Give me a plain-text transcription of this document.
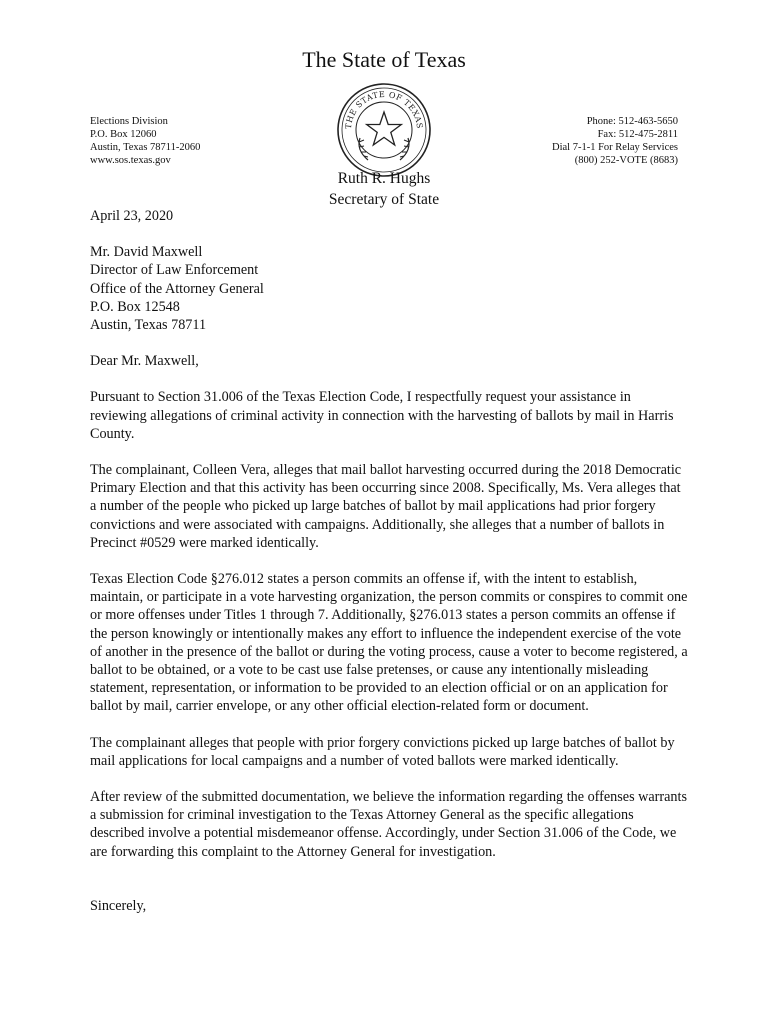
The State of Texas
Elections Division
P.O. Box 12060
Austin, Texas 78711-2060
www.sos.texas.gov
THE STATE OF TEXAS	Phone: 512-463-5650
Fax: 512-475-2811
Dial 7-1-1 For Relay Services
(800) 252-VOTE (8683)
Ruth R. Hughs
Secretary of State

April 23, 2020

Mr. David Maxwell

Director of Law Enforcement

Office of the Attorney General

P.O. Box 12548

Austin, Texas 78711

Dear Mr. Maxwell,

Pursuant to Section 31.006 of the Texas Election Code, I respectfully request your assistance in reviewing allegations of criminal activity in connection with the harvesting of ballots by mail in Harris County.

The complainant, Colleen Vera, alleges that mail ballot harvesting occurred during the 2018 Democratic Primary Election and that this activity has been occurring since 2008. Specifically, Ms. Vera alleges that a number of the people who picked up large batches of ballot by mail applications had prior forgery convictions and were associated with campaigns. Additionally, she alleges that a number of ballots in Precinct #0529 were marked identically.

Texas Election Code §276.012 states a person commits an offense if, with the intent to establish, maintain, or participate in a vote harvesting organization, the person commits or conspires to commit one or more offenses under Titles 1 through 7. Additionally, §276.013 states a person commits an offense if the person knowingly or intentionally makes any effort to influence the independent exercise of the vote of another in the presence of the ballot or during the voting process, cause a voter to become registered, a ballot to be obtained, or a vote to be cast use false pretenses, or cause any intentionally misleading statement, representation, or information to be provided to an election official or on an application for ballot by mail, carrier envelope, or any other official election-related form or document.

The complainant alleges that people with prior forgery convictions picked up large batches of ballot by mail applications for local campaigns and a number of voted ballots were marked identically.

After review of the submitted documentation, we believe the information regarding the offenses warrants a submission for criminal investigation to the Texas Attorney General as the specific allegations described involve a potential misdemeanor offense. Accordingly, under Section 31.006 of the Code, we are forwarding this complaint to the Attorney General for investigation.

Sincerely,
